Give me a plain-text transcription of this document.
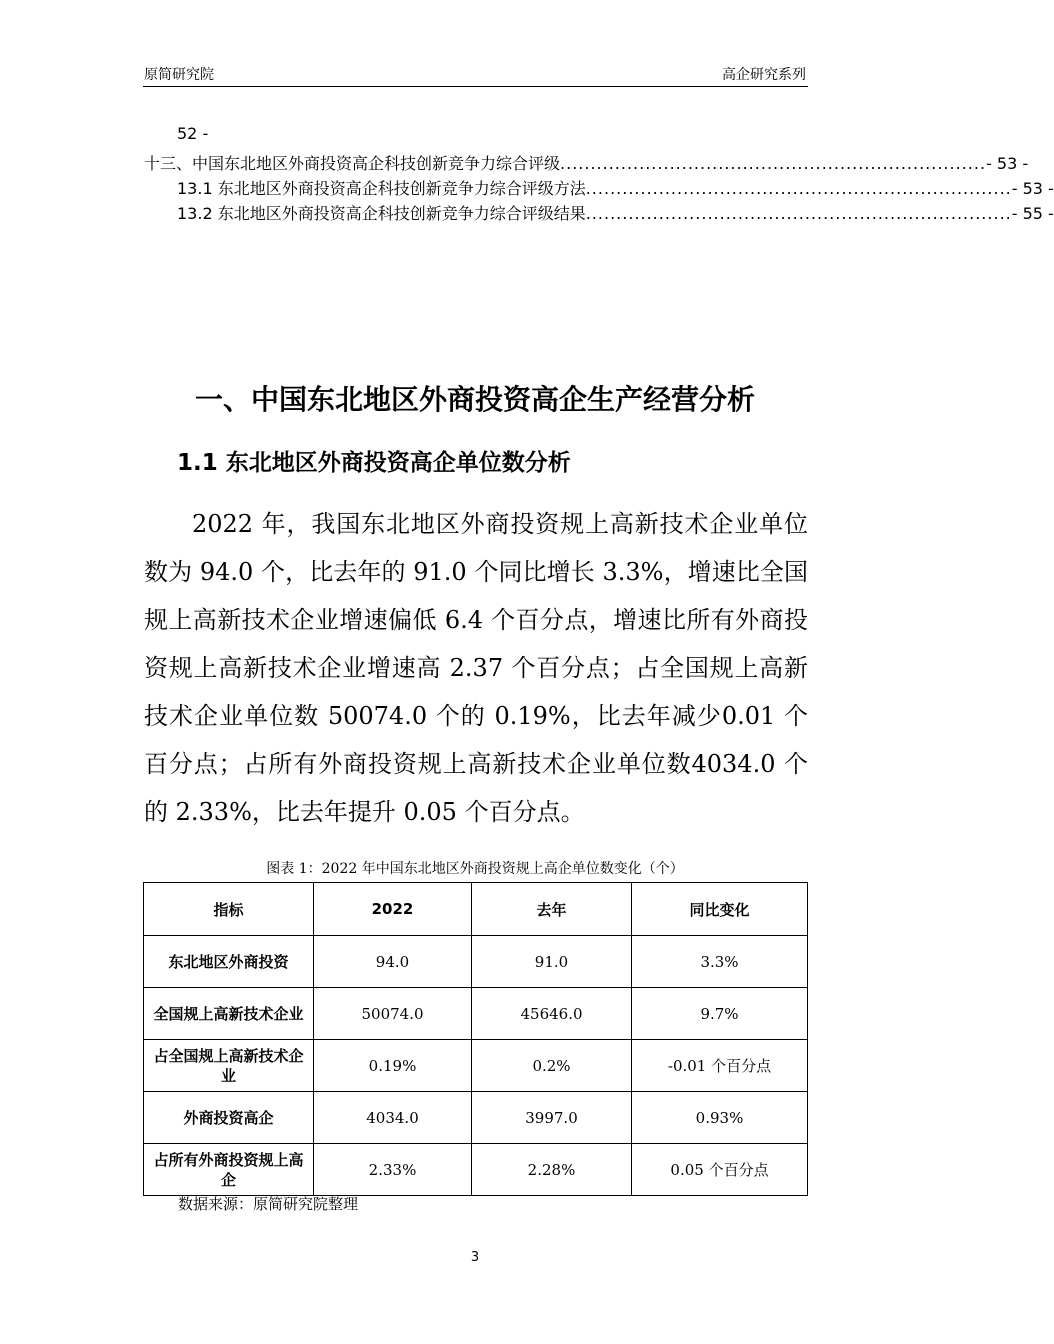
原简研究院	高企研究系列
52 -
十三、中国东北地区外商投资高企科技创新竞争力综合评级 ...................................................................... - 53 -
13.1 东北地区外商投资高企科技创新竞争力综合评级方法 ...................................................................... - 53 -
13.2 东北地区外商投资高企科技创新竞争力综合评级结果 ...................................................................... - 55 -
一、中国东北地区外商投资高企生产经营分析
1.1 东北地区外商投资高企单位数分析

2022 年，我国东北地区外商投资规上高新技术企业单位数为 94.0 个，比去年的 91.0 个同比增长 3.3%，增速比全国规上高新技术企业增速偏低 6.4 个百分点，增速比所有外商投资规上高新技术企业增速高 2.37 个百分点；占全国规上高新技术企业单位数 50074.0 个的 0.19%，比去年减少0.01 个百分点；占所有外商投资规上高新技术企业单位数4034.0 个的 2.33%，比去年提升 0.05 个百分点。

图表 1：2022 年中国东北地区外商投资规上高企单位数变化（个）
指标	2022	去年	同比变化
东北地区外商投资	94.0	91.0	3.3%
全国规上高新技术企业	50074.0	45646.0	9.7%
占全国规上高新技术企业	0.19%	0.2%	-0.01 个百分点
外商投资高企	4034.0	3997.0	0.93%
占所有外商投资规上高企	2.33%	2.28%	0.05 个百分点
数据来源：原简研究院整理
3
